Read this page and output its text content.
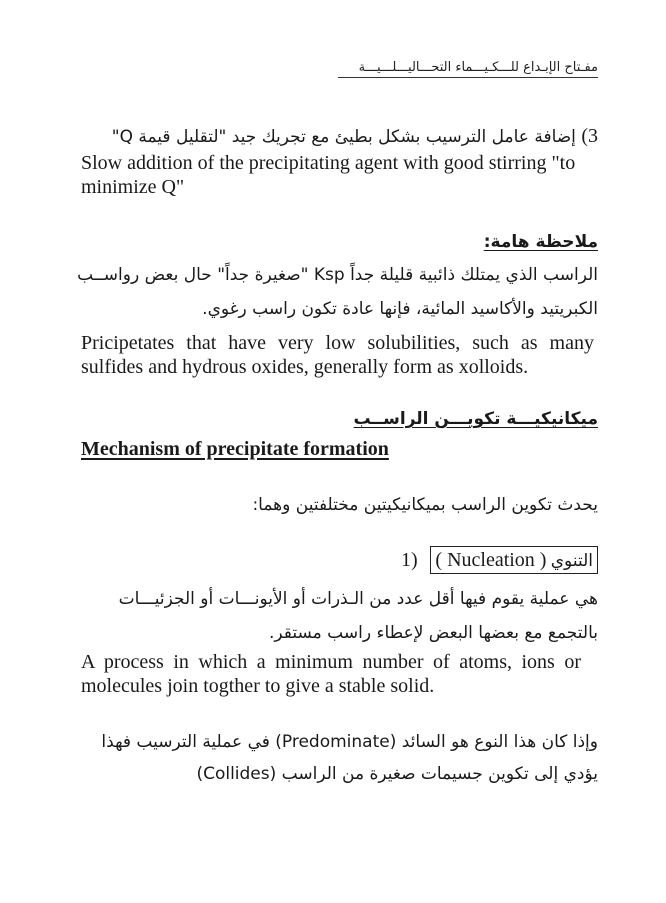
مفـتاح الإبـداع للـــكـيـــماء التحـــاليـــلـــيـــة
3) إضافة عامل الترسيب بشكل بطيئ مع تجريك جيد "لتقليل قيمة Q"
Slow addition of the precipitating agent with good stirring "to minimize Q"
ملاحظة هامة:
الراسب الذي يمتلك ذائبية قليلة جداً Ksp "صغيرة جداً" حال بعض رواســب
الكبريتيد والأكاسيد المائية، فإنها عادة تكون راسب رغوي.
Pricipetates that have very low solubilities, such as many sulfides and hydrous oxides, generally form as xolloids.
ميكانيكيـــة تكويـــن الراســب
Mechanism of precipitate formation
يحدث تكوين الراسب بميكانيكيتين مختلفتين وهما:
1)	التنوي ( Nucleation )
هي عملية يقوم فيها أقل عدد من الـذرات أو الأيونـــات أو الجزئيـــات
بالتجمع مع بعضها البعض لإعطاء راسب مستقر.
A process in which a minimum number of atoms, ions or molecules join togther to give a stable solid.
وإذا كان هذا النوع هو السائد (Predominate) في عملية الترسيب فهذا
يؤدي إلى تكوين جسيمات صغيرة من الراسب (Collides)
